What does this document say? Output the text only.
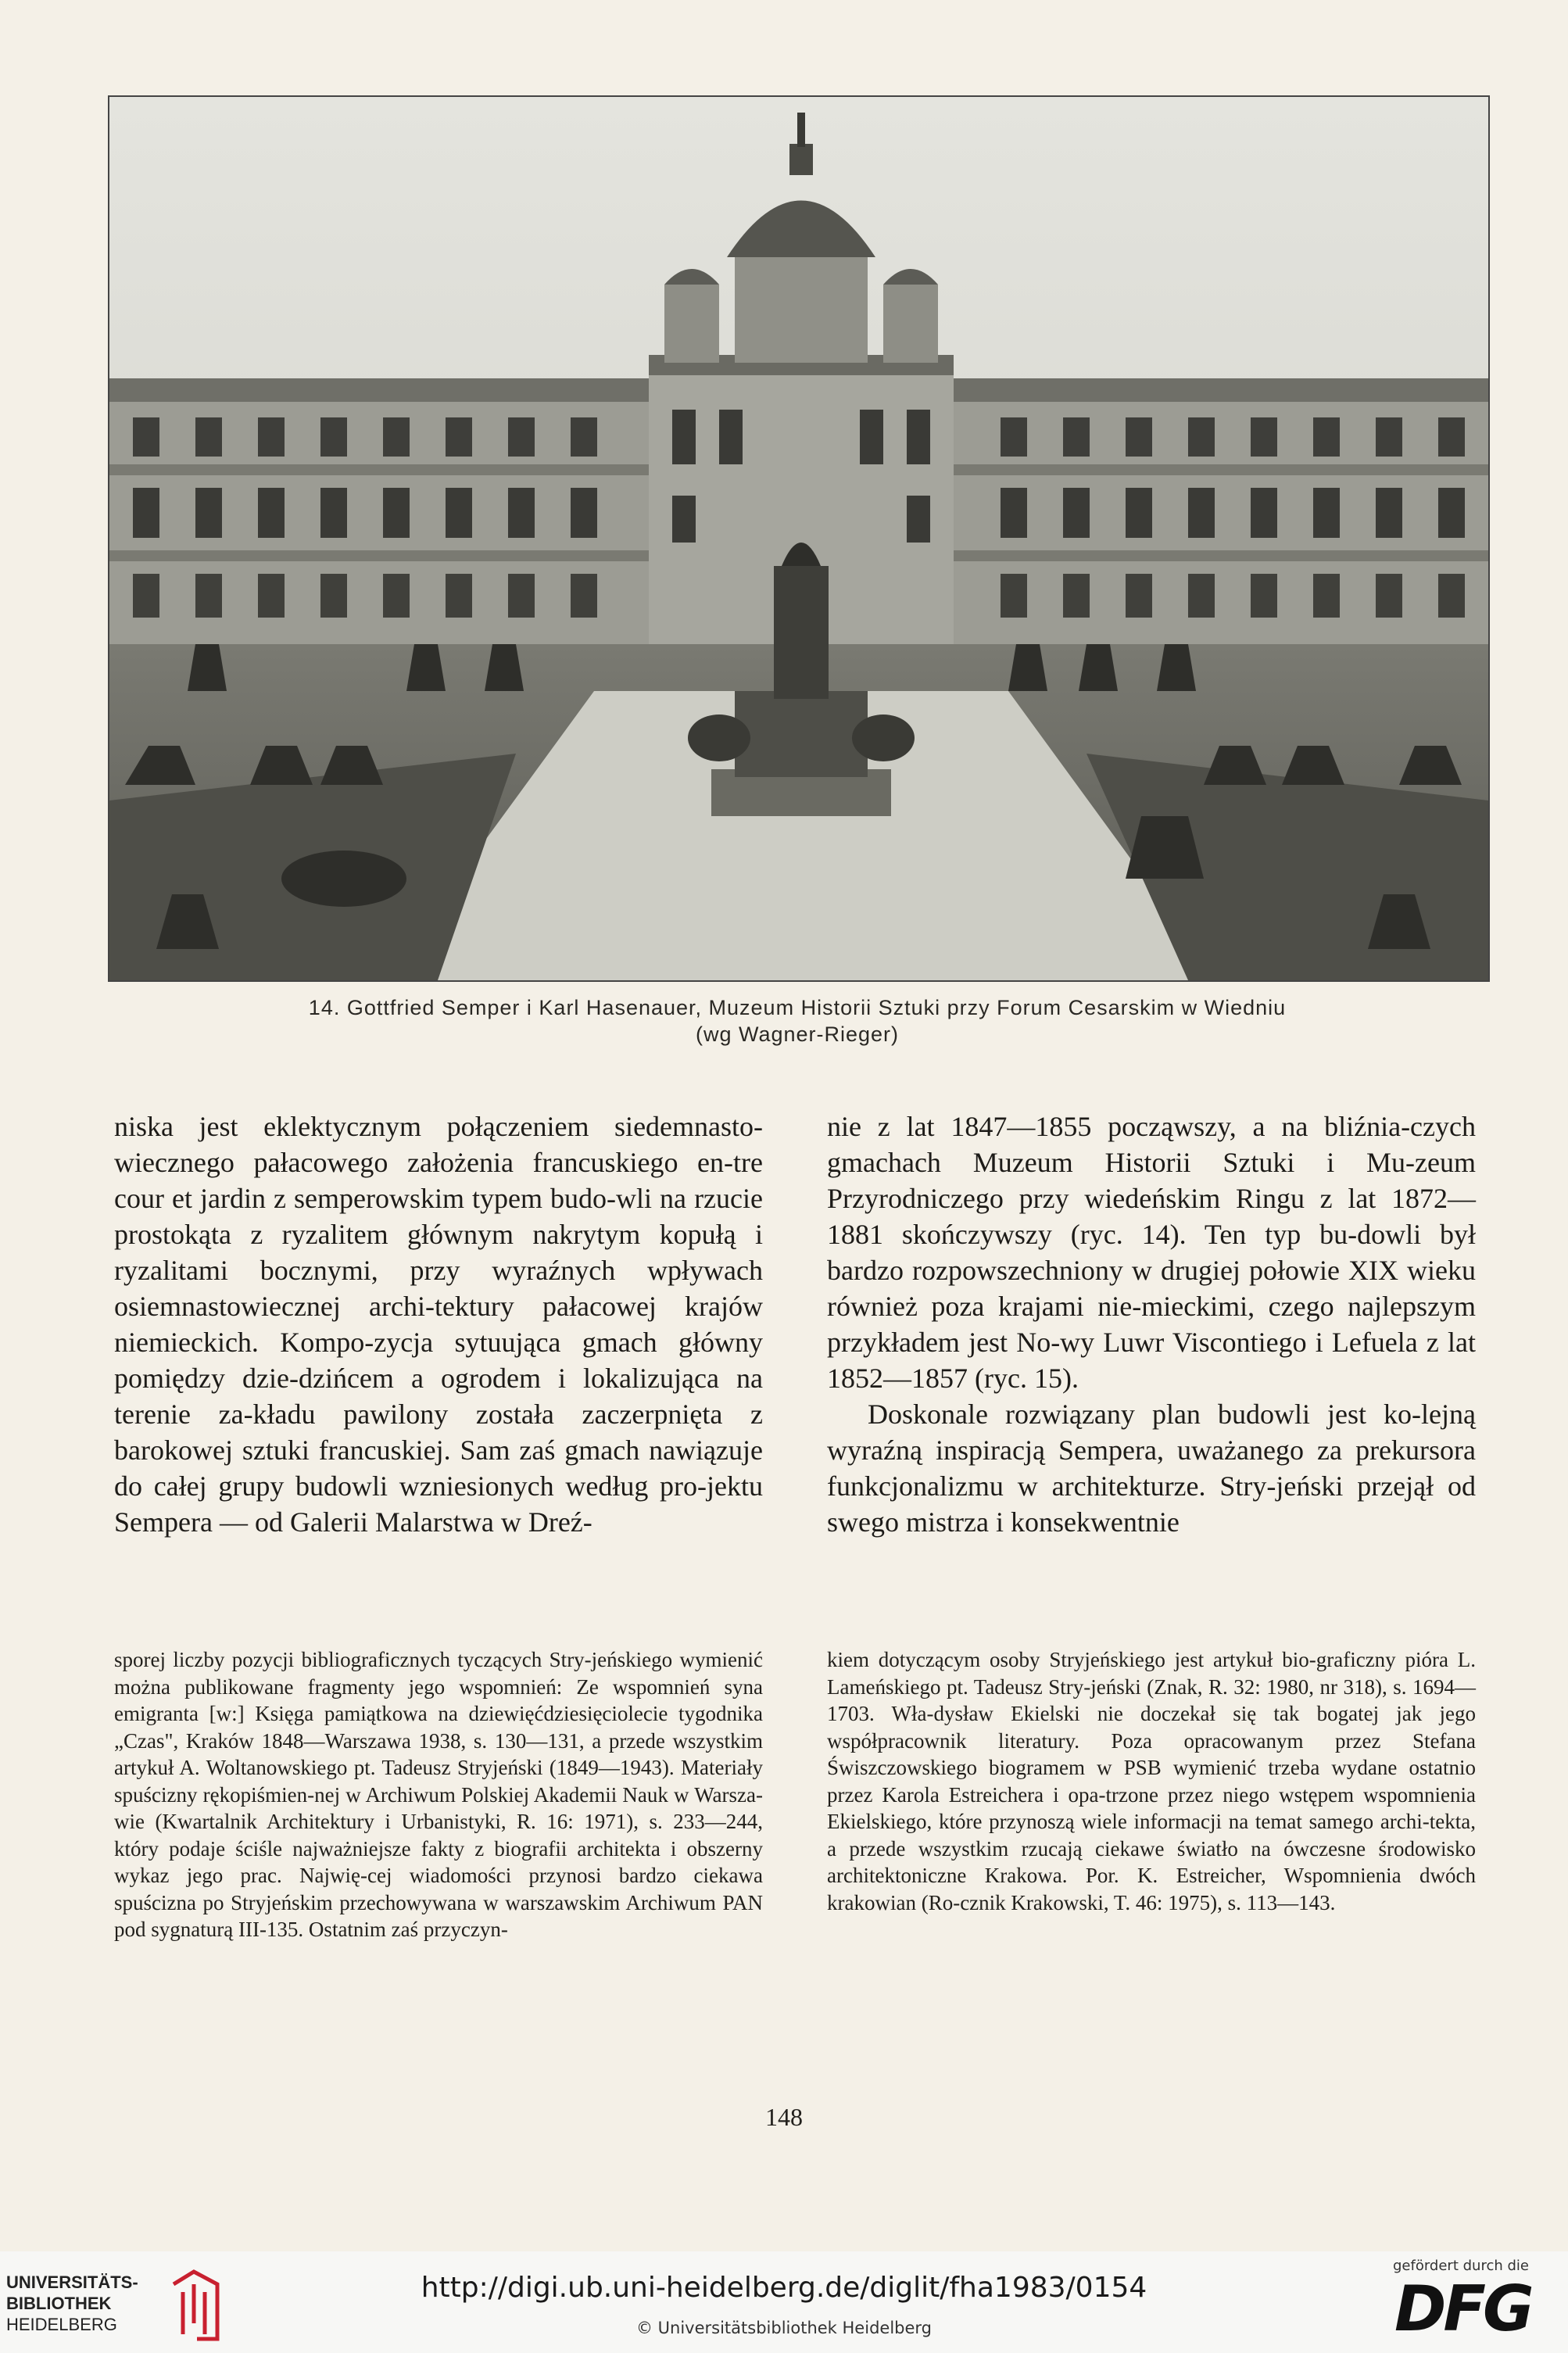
14. Gottfried Semper i Karl Hasenauer, Muzeum Historii Sztuki przy Forum Cesarskim w Wiedniu
(wg Wagner-Rieger)

niska jest eklektycznym połączeniem siedemnasto-wiecznego pałacowego założenia francuskiego en-tre cour et jardin z semperowskim typem budo-wli na rzucie prostokąta z ryzalitem głównym nakrytym kopułą i ryzalitami bocznymi, przy wyraźnych wpływach osiemnastowiecznej archi-tektury pałacowej krajów niemieckich. Kompo-zycja sytuująca gmach główny pomiędzy dzie-dzińcem a ogrodem i lokalizująca na terenie za-kładu pawilony została zaczerpnięta z barokowej sztuki francuskiej. Sam zaś gmach nawiązuje do całej grupy budowli wzniesionych według pro-jektu Sempera — od Galerii Malarstwa w Dreź-

nie z lat 1847—1855 począwszy, a na bliźnia-czych gmachach Muzeum Historii Sztuki i Mu-zeum Przyrodniczego przy wiedeńskim Ringu z lat 1872—1881 skończywszy (ryc. 14). Ten typ bu-dowli był bardzo rozpowszechniony w drugiej połowie XIX wieku również poza krajami nie-mieckimi, czego najlepszym przykładem jest No-wy Luwr Viscontiego i Lefuela z lat 1852—1857 (ryc. 15).

Doskonale rozwiązany plan budowli jest ko-lejną wyraźną inspiracją Sempera, uważanego za prekursora funkcjonalizmu w architekturze. Stry-jeński przejął od swego mistrza i konsekwentnie

sporej liczby pozycji bibliograficznych tyczących Stry-jeńskiego wymienić można publikowane fragmenty jego wspomnień: Ze wspomnień syna emigranta [w:] Księga pamiątkowa na dziewięćdziesięciolecie tygodnika „Czas", Kraków 1848—Warszawa 1938, s. 130—131, a przede wszystkim artykuł A. Woltanowskiego pt. Tadeusz Stryjeński (1849—1943). Materiały spuścizny rękopiśmien-nej w Archiwum Polskiej Akademii Nauk w Warsza-wie (Kwartalnik Architektury i Urbanistyki, R. 16: 1971), s. 233—244, który podaje ściśle najważniejsze fakty z biografii architekta i obszerny wykaz jego prac. Najwię-cej wiadomości przynosi bardzo ciekawa spuścizna po Stryjeńskim przechowywana w warszawskim Archiwum PAN pod sygnaturą III-135. Ostatnim zaś przyczyn-

kiem dotyczącym osoby Stryjeńskiego jest artykuł bio-graficzny pióra L. Lameńskiego pt. Tadeusz Stry-jeński (Znak, R. 32: 1980, nr 318), s. 1694—1703. Wła-dysław Ekielski nie doczekał się tak bogatej jak jego współpracownik literatury. Poza opracowanym przez Stefana Świszczowskiego biogramem w PSB wymienić trzeba wydane ostatnio przez Karola Estreichera i opa-trzone przez niego wstępem wspomnienia Ekielskiego, które przynoszą wiele informacji na temat samego archi-tekta, a przede wszystkim rzucają ciekawe światło na ówczesne środowisko architektoniczne Krakowa. Por. K. Estreicher, Wspomnienia dwóch krakowian (Ro-cznik Krakowski, T. 46: 1975), s. 113—143.

148
UNIVERSITÄTS-
BIBLIOTHEK
HEIDELBERG
http://digi.ub.uni-heidelberg.de/diglit/fha1983/0154
© Universitätsbibliothek Heidelberg
gefördert durch die
DFG
